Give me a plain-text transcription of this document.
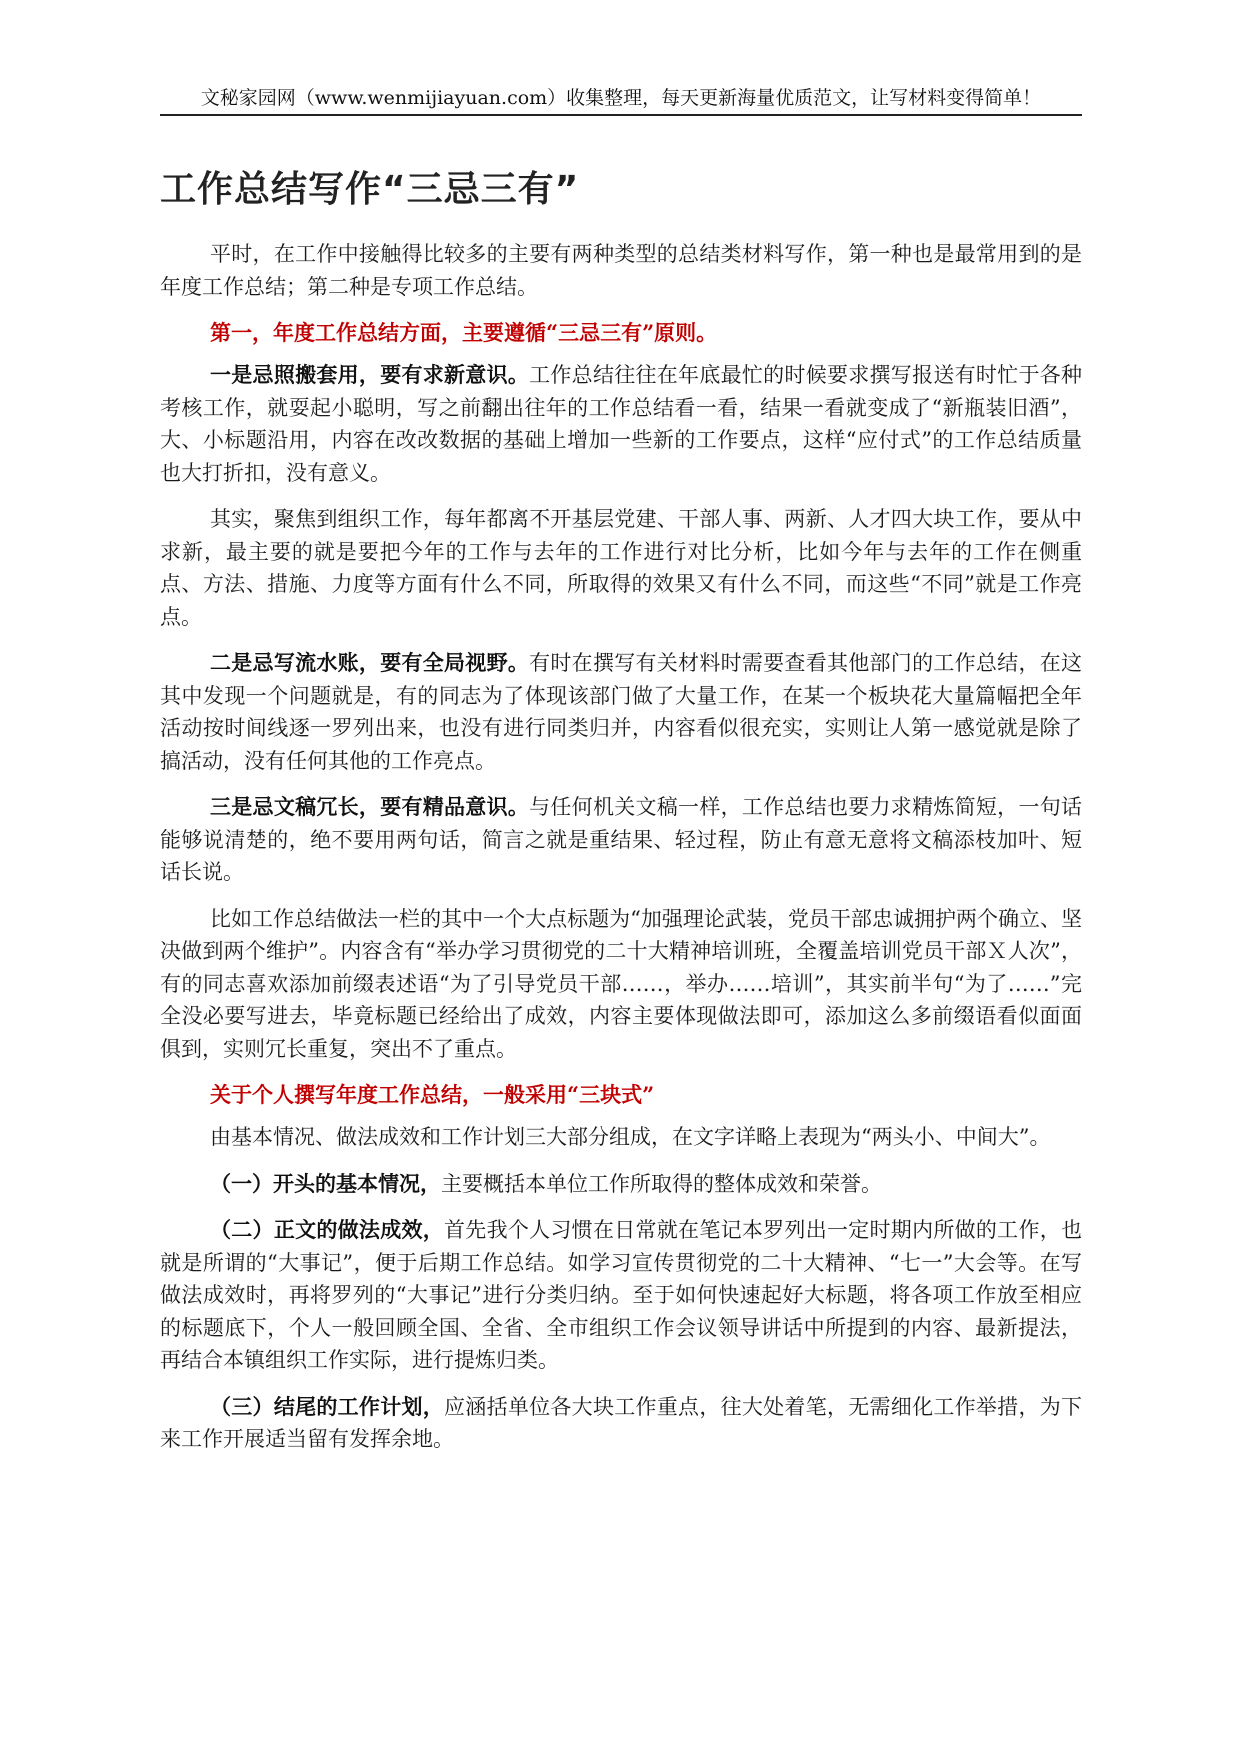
文秘家园网（www.wenmijiayuan.com）收集整理，每天更新海量优质范文，让写材料变得简单！
工作总结写作“三忌三有”

平时，在工作中接触得比较多的主要有两种类型的总结类材料写作，第一种也是最常用到的是年度工作总结；第二种是专项工作总结。

第一，年度工作总结方面，主要遵循“三忌三有”原则。

一是忌照搬套用，要有求新意识。工作总结往往在年底最忙的时候要求撰写报送有时忙于各种考核工作，就耍起小聪明，写之前翻出往年的工作总结看一看，结果一看就变成了“新瓶装旧酒”，大、小标题沿用，内容在改改数据的基础上增加一些新的工作要点，这样“应付式”的工作总结质量也大打折扣，没有意义。

其实，聚焦到组织工作，每年都离不开基层党建、干部人事、两新、人才四大块工作，要从中求新，最主要的就是要把今年的工作与去年的工作进行对比分析，比如今年与去年的工作在侧重点、方法、措施、力度等方面有什么不同，所取得的效果又有什么不同，而这些“不同”就是工作亮点。

二是忌写流水账，要有全局视野。有时在撰写有关材料时需要查看其他部门的工作总结，在这其中发现一个问题就是，有的同志为了体现该部门做了大量工作，在某一个板块花大量篇幅把全年活动按时间线逐一罗列出来，也没有进行同类归并，内容看似很充实，实则让人第一感觉就是除了搞活动，没有任何其他的工作亮点。

三是忌文稿冗长，要有精品意识。与任何机关文稿一样，工作总结也要力求精炼简短，一句话能够说清楚的，绝不要用两句话，简言之就是重结果、轻过程，防止有意无意将文稿添枝加叶、短话长说。

比如工作总结做法一栏的其中一个大点标题为“加强理论武装，党员干部忠诚拥护两个确立、坚决做到两个维护”。内容含有“举办学习贯彻党的二十大精神培训班，全覆盖培训党员干部Ｘ人次”，有的同志喜欢添加前缀表述语“为了引导党员干部……，举办……培训”，其实前半句“为了……”完全没必要写进去，毕竟标题已经给出了成效，内容主要体现做法即可，添加这么多前缀语看似面面俱到，实则冗长重复，突出不了重点。

关于个人撰写年度工作总结，一般采用“三块式”

由基本情况、做法成效和工作计划三大部分组成，在文字详略上表现为“两头小、中间大”。

（一）开头的基本情况，主要概括本单位工作所取得的整体成效和荣誉。

（二）正文的做法成效，首先我个人习惯在日常就在笔记本罗列出一定时期内所做的工作，也就是所谓的“大事记”，便于后期工作总结。如学习宣传贯彻党的二十大精神、“七一”大会等。在写做法成效时，再将罗列的“大事记”进行分类归纳。至于如何快速起好大标题，将各项工作放至相应的标题底下，个人一般回顾全国、全省、全市组织工作会议领导讲话中所提到的内容、最新提法，再结合本镇组织工作实际，进行提炼归类。

（三）结尾的工作计划，应涵括单位各大块工作重点，往大处着笔，无需细化工作举措，为下来工作开展适当留有发挥余地。
